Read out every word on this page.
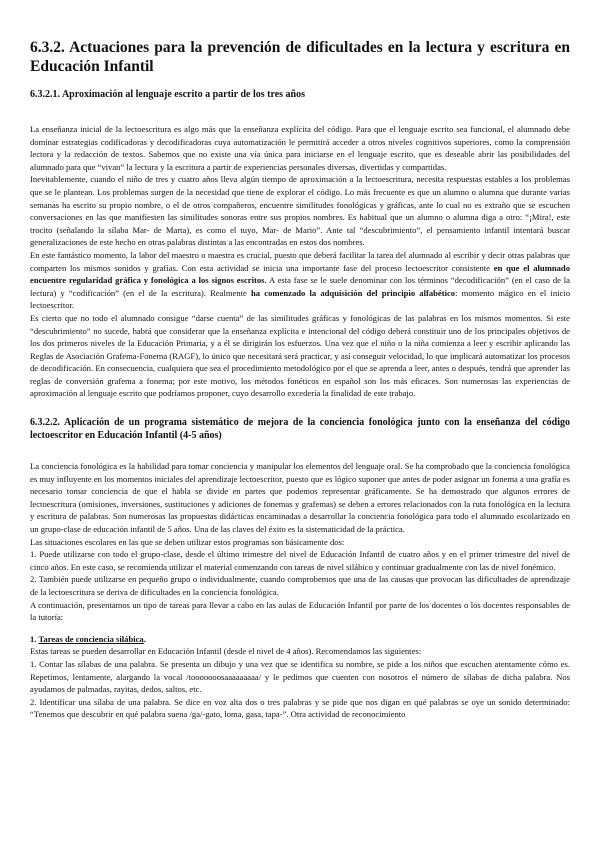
6.3.2. Actuaciones para la prevención de dificultades en la lectura y escritura en Educación Infantil
6.3.2.1. Aproximación al lenguaje escrito a partir de los tres años

La enseñanza inicial de la lectoescritura es algo más que la enseñanza explícita del código. Para que el lenguaje escrito sea funcional, el alumnado debe dominar estrategias codificadoras y decodificadoras cuya automatización le permitirá acceder a otros niveles cognitivos superiores, como la comprensión lectora y la redacción de textos. Sabemos que no existe una vía única para iniciarse en el lenguaje escrito, que es deseable abrir las posibilidades del alumnado para que “vivan” la lectura y la escritura a partir de experiencias personales diversas, divertidas y compartidas.

Inevitablemente, cuando el niño de tres y cuatro años lleva algún tiempo de aproximación a la lectoescritura, necesita respuestas estables a los problemas que se le plantean. Los problemas surgen de la necesidad que tiene de explorar el código. Lo más frecuente es que un alumno o alumna que durante varias semanas ha escrito su propio nombre, o el de otros compañeros, encuentre similitudes fonológicas y gráficas, ante lo cual no es extraño que se escuchen conversaciones en las que manifiesten las similitudes sonoras entre sus propios nombres. Es habitual que un alumno o alumna diga a otro: “¡Mira!, este trocito (señalando la sílaba Mar- de Marta), es como el tuyo, Mar- de Mario”. Ante tal “descubrimiento”, el pensamiento infantil intentará buscar generalizaciones de este hecho en otras palabras distintas a las encontradas en estos dos nombres.

En este fantástico momento, la labor del maestro o maestra es crucial, puesto que deberá facilitar la tarea del alumnado al escribir y decir otras palabras que comparten los mismos sonidos y grafías. Con esta actividad se inicia una importante fase del proceso lectoescritor consistente en que el alumnado encuentre regularidad gráfica y fonológica a los signos escritos. A esta fase se le suele denominar con los términos “decodificación” (en el caso de la lectura) y “codificación” (en el de la escritura). Realmente ha comenzado la adquisición del principio alfabético: momento mágico en el inicio lectoescritor.

Es cierto que no todo el alumnado consigue “darse cuenta” de las similitudes gráficas y fonológicas de las palabras en los mismos momentos. Si este “descubrimiento” no sucede, habrá que considerar que la enseñanza explícita e intencional del código deberá constituir uno de los principales objetivos de los dos primeros niveles de la Educación Primaria, y a él se dirigirán los esfuerzos. Una vez que el niño o la niña comienza a leer y escribir aplicando las Reglas de Asociación Grafema-Fonema (RAGF), lo único que necesitará será practicar, y así conseguir velocidad, lo que implicará automatizar los procesos de decodificación. En consecuencia, cualquiera que sea el procedimiento metodológico por el que se aprenda a leer, antes o después, tendrá que aprender las reglas de conversión grafema a fonema; por este motivo, los métodos fonéticos en español son los más eficaces. Son numerosas las experiencias de aproximación al lenguaje escrito que podríamos proponer, cuyo desarrollo excedería la finalidad de este trabajo.

6.3.2.2. Aplicación de un programa sistemático de mejora de la conciencia fonológica junto con la enseñanza del código lectoescritor en Educación Infantil (4-5 años)

La conciencia fonológica es la habilidad para tomar conciencia y manipular los elementos del lenguaje oral. Se ha comprobado que la conciencia fonológica es muy influyente en los momentos iniciales del aprendizaje lectoescritor, puesto que es lógico suponer que antes de poder asignar un fonema a una grafía es necesario tomar conciencia de que el habla se divide en partes que podemos representar gráficamente. Se ha demostrado que algunos errores de lectoescritura (omisiones, inversiones, sustituciones y adiciones de fonemas y grafemas) se deben a errores relacionados con la ruta fonológica en la lectura y escritura de palabras. Son numerosas las propuestas didácticas encaminadas a desarrollar la conciencia fonológica para todo el alumnado escolarizado en un grupo-clase de educación infantil de 5 años. Una de las claves del éxito es la sistematicidad de la práctica.

Las situaciones escolares en las que se deben utilizar estos programas son básicamente dos:

1. Puede utilizarse con todo el grupo-clase, desde el último trimestre del nivel de Educación Infantil de cuatro años y en el primer trimestre del nivel de cinco años. En este caso, se recomienda utilizar el material comenzando con tareas de nivel silábico y continuar gradualmente con las de nivel fonémico.

2. También puede utilizarse en pequeño grupo o individualmente, cuando comprobemos que una de las causas que provocan las dificultades de aprendizaje de la lectoescritura se deriva de dificultades en la conciencia fonológica.

A continuación, presentamos un tipo de tareas para llevar a cabo en las aulas de Educación Infantil por parte de los docentes o los docentes responsables de la tutoría:

1. Tareas de conciencia silábica.

Estas tareas se pueden desarrollar en Educación Infantil (desde el nivel de 4 años). Recomendamos las siguientes:

1. Contar las sílabas de una palabra. Se presenta un dibujo y una vez que se identifica su nombre, se pide a los niños que escuchen atentamente cómo es. Repetimos, lentamente, alargando la vocal /tooooooosaaaaaaaaa/ y le pedimos que cuenten con nosotros el número de sílabas de dicha palabra. Nos ayudamos de palmadas, rayitas, dedos, saltos, etc.

2. Identificar una sílaba de una palabra. Se dice en voz alta dos o tres palabras y se pide que nos digan en qué palabras se oye un sonido determinado: “Tenemos que descubrir en qué palabra suena /ga/-gato, loma, gasa, tapa-”. Otra actividad de reconocimiento
